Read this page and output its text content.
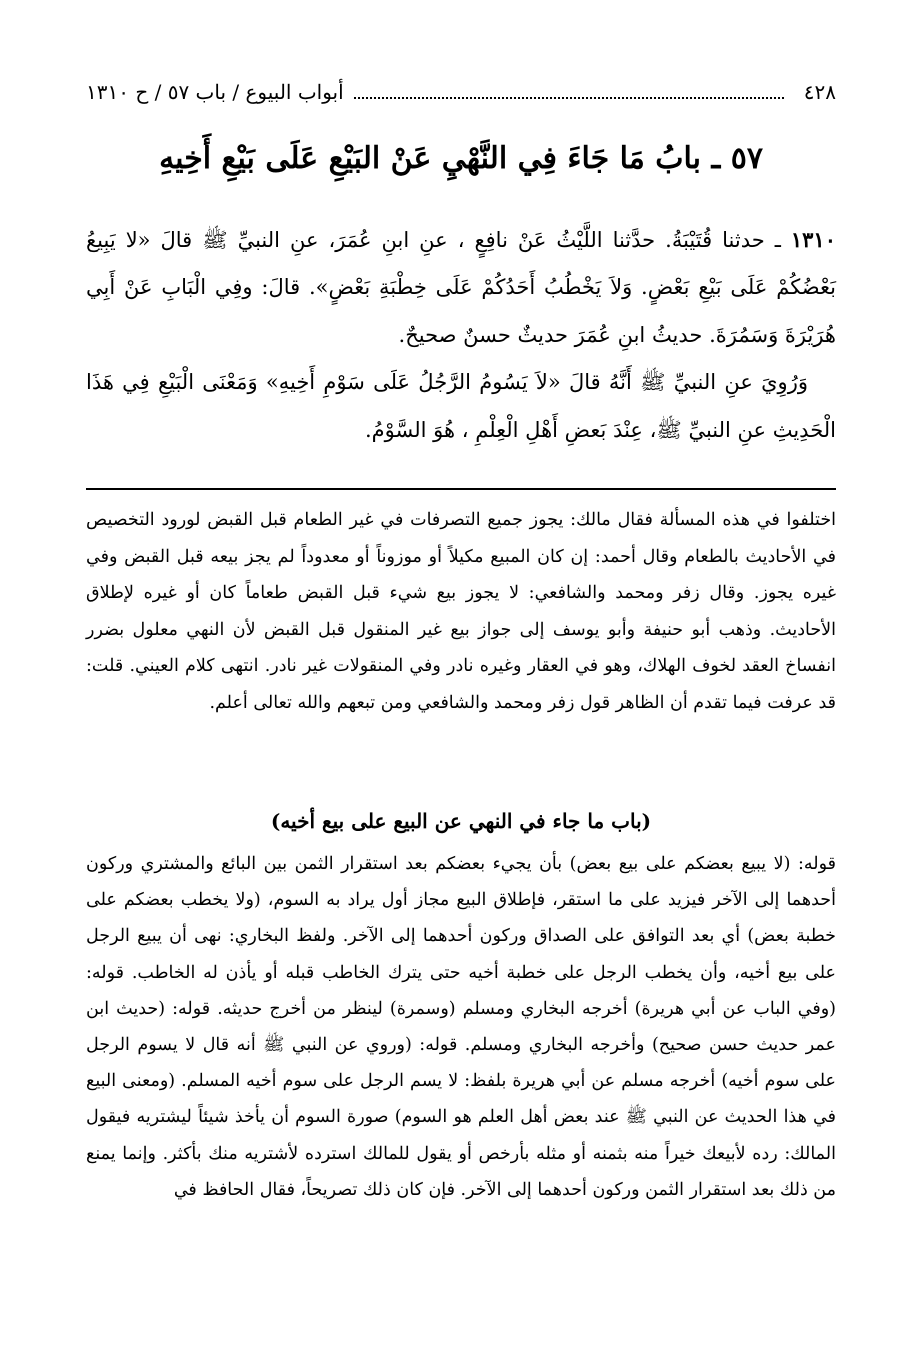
٤٢٨
أبواب البيوع / باب ٥٧ / ح ١٣١٠
٥٧ ـ بابُ مَا جَاءَ فِي النَّهْيِ عَنْ البَيْعِ عَلَى بَيْعِ أَخِيهِ

١٣١٠ ـ حدثنا قُتَيْبَةُ. حدَّثنا اللَّيْثُ عَنْ نافِعٍ ، عنِ ابنِ عُمَرَ، عنِ النبيِّ ﷺ قالَ «لا يَبِيعُ بَعْضُكُمْ عَلَى بَيْعِ بَعْضٍ. وَلاَ يَخْطُبُ أَحَدُكُمْ عَلَى خِطْبَةِ بَعْضٍ». قالَ: وفِي الْبَابِ عَنْ أَبِي هُرَيْرَةَ وَسَمُرَةَ. حديثُ ابنِ عُمَرَ حديثٌ حسنٌ صحيحٌ.

وَرُوِيَ عنِ النبيِّ ﷺ أَنَّهُ قالَ «لاَ يَسُومُ الرَّجُلُ عَلَى سَوْمِ أَخِيهِ» وَمَعْنَى الْبَيْعِ فِي هَذَا الْحَدِيثِ عنِ النبيِّ ﷺ، عِنْدَ بَعضِ أَهْلِ الْعِلْمِ ، هُوَ السَّوْمُ.

اختلفوا في هذه المسألة فقال مالك: يجوز جميع التصرفات في غير الطعام قبل القبض لورود التخصيص في الأحاديث بالطعام وقال أحمد: إن كان المبيع مكيلاً أو موزوناً أو معدوداً لم يجز بيعه قبل القبض وفي غيره يجوز. وقال زفر ومحمد والشافعي: لا يجوز بيع شيء قبل القبض طعاماً كان أو غيره لإطلاق الأحاديث. وذهب أبو حنيفة وأبو يوسف إلى جواز بيع غير المنقول قبل القبض لأن النهي معلول بضرر انفساخ العقد لخوف الهلاك، وهو في العقار وغيره نادر وفي المنقولات غير نادر. انتهى كلام العيني. قلت: قد عرفت فيما تقدم أن الظاهر قول زفر ومحمد والشافعي ومن تبعهم والله تعالى أعلم.

(باب ما جاء في النهي عن البيع على بيع أخيه)

قوله: (لا يبيع بعضكم على بيع بعض) بأن يجيء بعضكم بعد استقرار الثمن بين البائع والمشتري وركون أحدهما إلى الآخر فيزيد على ما استقر، فإطلاق البيع مجاز أول يراد به السوم، (ولا يخطب بعضكم على خطبة بعض) أي بعد التوافق على الصداق وركون أحدهما إلى الآخر. ولفظ البخاري: نهى أن يبيع الرجل على بيع أخيه، وأن يخطب الرجل على خطبة أخيه حتى يترك الخاطب قبله أو يأذن له الخاطب. قوله: (وفي الباب عن أبي هريرة) أخرجه البخاري ومسلم (وسمرة) لينظر من أخرج حديثه. قوله: (حديث ابن عمر حديث حسن صحيح) وأخرجه البخاري ومسلم. قوله: (وروي عن النبي ﷺ أنه قال لا يسوم الرجل على سوم أخيه) أخرجه مسلم عن أبي هريرة بلفظ: لا يسم الرجل على سوم أخيه المسلم. (ومعنى البيع في هذا الحديث عن النبي ﷺ عند بعض أهل العلم هو السوم) صورة السوم أن يأخذ شيئاً ليشتريه فيقول المالك: رده لأبيعك خيراً منه بثمنه أو مثله بأرخص أو يقول للمالك استرده لأشتريه منك بأكثر. وإنما يمنع من ذلك بعد استقرار الثمن وركون أحدهما إلى الآخر. فإن كان ذلك تصريحاً، فقال الحافظ في
